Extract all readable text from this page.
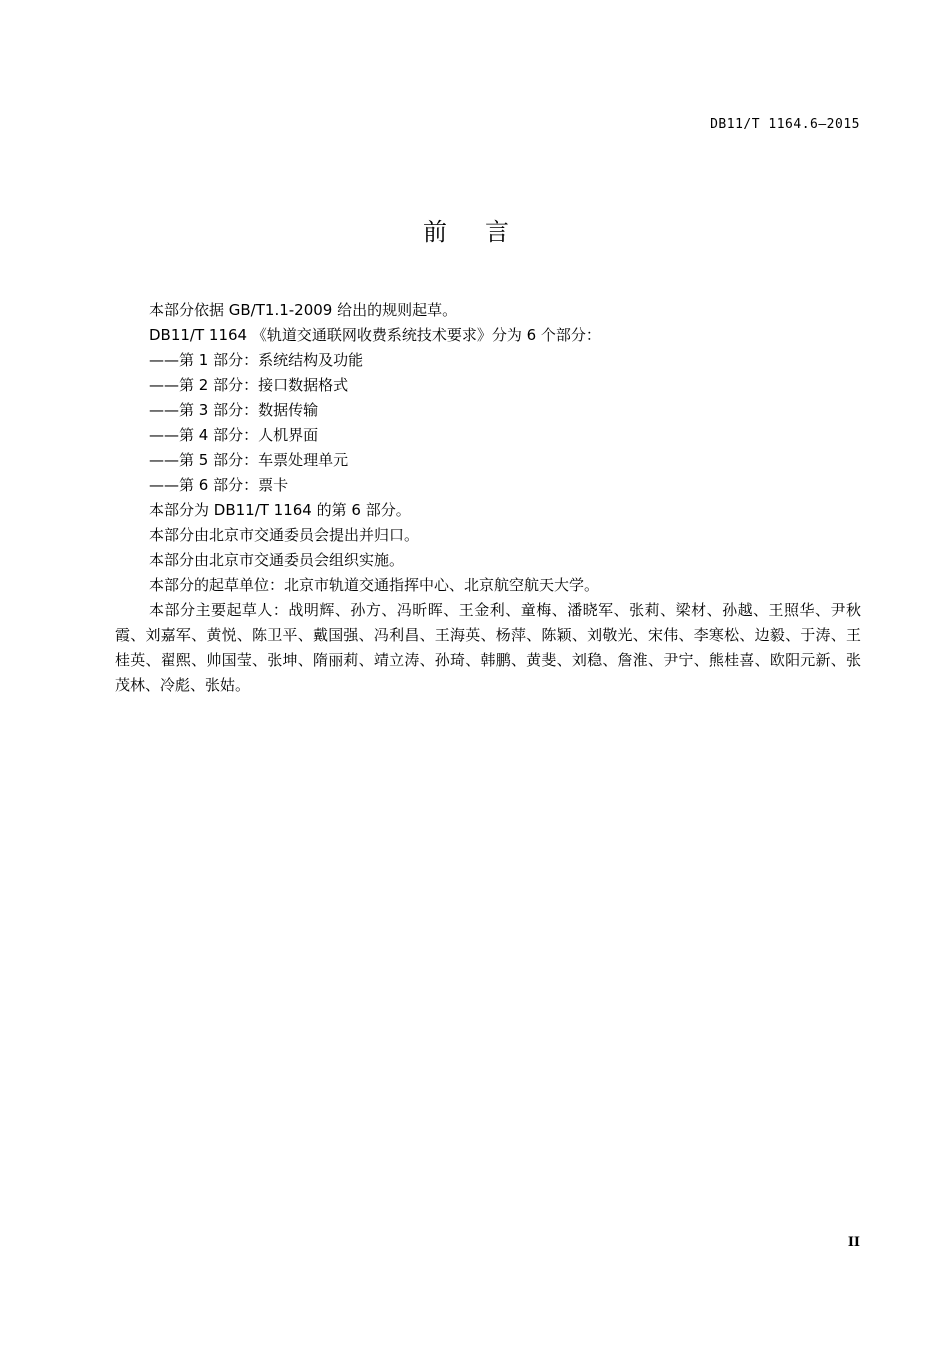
DB11/T 1164.6—2015
前言

本部分依据 GB/T1.1-2009 给出的规则起草。

DB11/T 1164 《轨道交通联网收费系统技术要求》分为 6 个部分：

——第 1 部分：系统结构及功能

——第 2 部分：接口数据格式

——第 3 部分：数据传输

——第 4 部分：人机界面

——第 5 部分：车票处理单元

——第 6 部分：票卡

本部分为 DB11/T 1164 的第 6 部分。

本部分由北京市交通委员会提出并归口。

本部分由北京市交通委员会组织实施。

本部分的起草单位：北京市轨道交通指挥中心、北京航空航天大学。

本部分主要起草人：战明辉、孙方、冯昕晖、王金利、童梅、潘晓军、张莉、梁材、孙越、王照华、尹秋霞、刘嘉军、黄悦、陈卫平、戴国强、冯利昌、王海英、杨萍、陈颖、刘敬光、宋伟、李寒松、边毅、于涛、王桂英、翟熙、帅国莹、张坤、隋丽莉、靖立涛、孙琦、韩鹏、黄斐、刘稳、詹淮、尹宁、熊桂喜、欧阳元新、张茂林、冷彪、张姑。

II
